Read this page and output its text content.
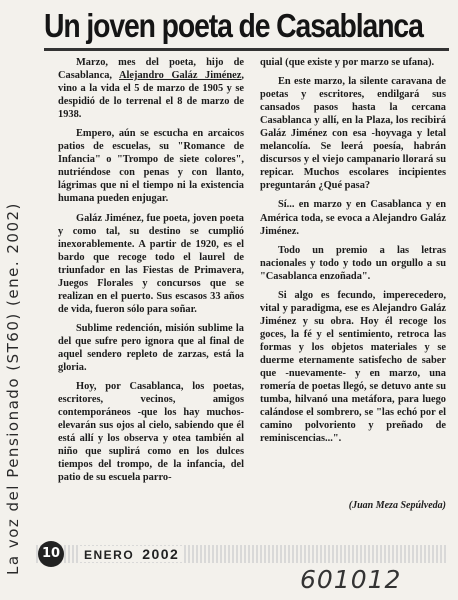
Un joven poeta de Casablanca

Marzo, mes del poeta, hijo de Casablanca, Alejandro Galáz Jiménez, vino a la vida el 5 de marzo de 1905 y se despidió de lo terrenal el 8 de marzo de 1938.

Empero, aún se escucha en arcaicos patios de escuelas, su "Romance de Infancia" o "Trompo de siete colores", nutriéndose con penas y con llanto, lágrimas que ni el tiempo ni la existencia humana pueden enjugar.

Galáz Jiménez, fue poeta, joven poeta y como tal, su destino se cumplió inexorablemente. A partir de 1920, es el bardo que recoge todo el laurel de triunfador en las Fiestas de Primavera, Juegos Florales y concursos que se realizan en el puerto. Sus escasos 33 años de vida, fueron sólo para soñar.

Sublime redención, misión sublime la del que sufre pero ignora que al final de aquel sendero repleto de zarzas, está la gloria.

Hoy, por Casablanca, los poetas, escritores, vecinos, amigos contemporáneos -que los hay muchos- elevarán sus ojos al cielo, sabiendo que él está allí y los observa y otea también al niño que suplirá como en los dulces tiempos del trompo, de la infancia, del patio de su escuela parro-

quial (que existe y por marzo se ufana).

En este marzo, la silente caravana de poetas y escritores, endilgará sus cansados pasos hasta la cercana Casablanca y allí, en la Plaza, los recibirá Galáz Jiménez con esa -hoyvaga y letal melancolía. Se leerá poesía, habrán discursos y el viejo campanario llorará su repicar. Muchos escolares incipientes preguntarán ¿Qué pasa?

Sí... en marzo y en Casablanca y en América toda, se evoca a Alejandro Galáz Jiménez.

Todo un premio a las letras nacionales y todo y todo un orgullo a su "Casablanca enzoñada".

Si algo es fecundo, imperecedero, vital y paradigma, ese es Alejandro Galáz Jiménez y su obra. Hoy él recoge los goces, la fé y el sentimiento, retroca las formas y los objetos materiales y se duerme eternamente satisfecho de saber que -nuevamente- y en marzo, una romería de poetas llegó, se detuvo ante su tumba, hilvanó una metáfora, para luego calándose el sombrero, se "las echó por el camino polvoriento y preñado de reminiscencias...".

(Juan Meza Sepúlveda)
La voz del Pensionado (ST60) (ene. 2002)	10	ENERO 2002
601012
